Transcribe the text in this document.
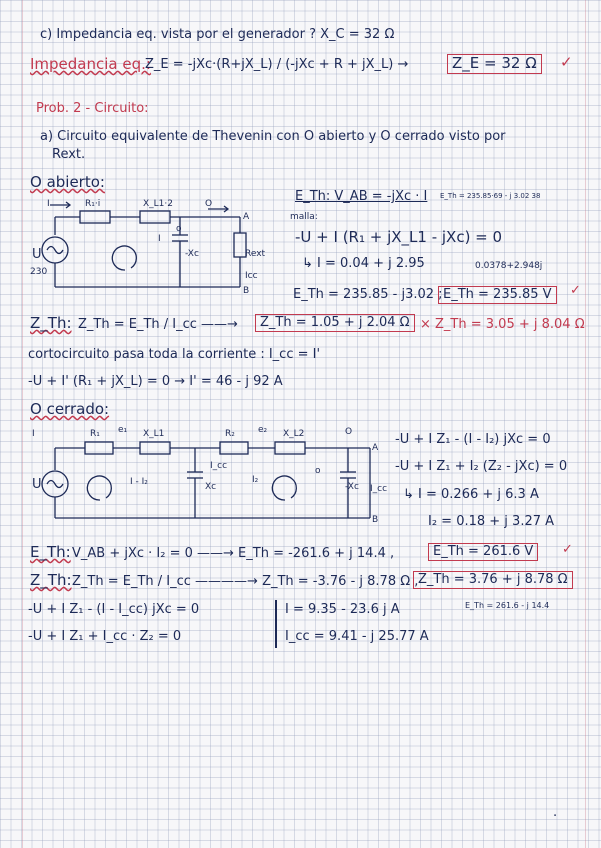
c) Impedancia eq. vista por el generador ? X_C = 32 Ω
Impedancia eq.:
Z_E = -jXc·(R+jX_L) / (-jXc + R + jX_L) →	Z_E = 32 Ω	✓
Prob. 2 - Circuito:
a) Circuito equivalente de Thevenin con O abierto y O cerrado visto por
Rext.
O abierto:
I	R₁·i	X_L1·2	O
A
I
o
-Xc	Rext
Icc
B
U
230
E_Th: V_AB = -jXc · I E_Th = 235.85·69 - j 3.02 38
malla:
-U + I (R₁ + jX_L1 - jXc) = 0
↳ I = 0.04 + j 2.95	0.0378+2.948j
E_Th = 235.85 - j3.02 ; E_Th = 235.85 V	✓
Z_Th: Z_Th = E_Th / I_cc ——→	Z_Th = 1.05 + j 2.04 Ω × Z_Th = 3.05 + j 8.04 Ω
cortocircuito pasa toda la corriente : I_cc = I'
-U + I' (R₁ + jX_L) = 0 → I' = 46 - j 92 A
O cerrado:
I	R₁ e₁ X_L1	R₂	e₂ X_L2	O
A
B
I - I₂
I_cc
Xc	-Xc
I₂
I_cc
o
U
-U + I Z₁ - (I - I₂) jXc = 0
-U + I Z₁ + I₂ (Z₂ - jXc) = 0
↳ I = 0.266 + j 6.3 A
I₂ = 0.18 + j 3.27 A
E_Th: V_AB + jXc · I₂ = 0 ——→ E_Th = -261.6 + j 14.4 ,	E_Th = 261.6 V	✓
Z_Th: Z_Th = E_Th / I_cc ————→ Z_Th = -3.76 - j 8.78 Ω , Z_Th = 3.76 + j 8.78 Ω
E_Th = 261.6 - j 14.4
-U + I Z₁ - (I - I_cc) jXc = 0
-U + I Z₁ + I_cc · Z₂ = 0
I = 9.35 - 23.6 j A
I_cc = 9.41 - j 25.77 A
·
